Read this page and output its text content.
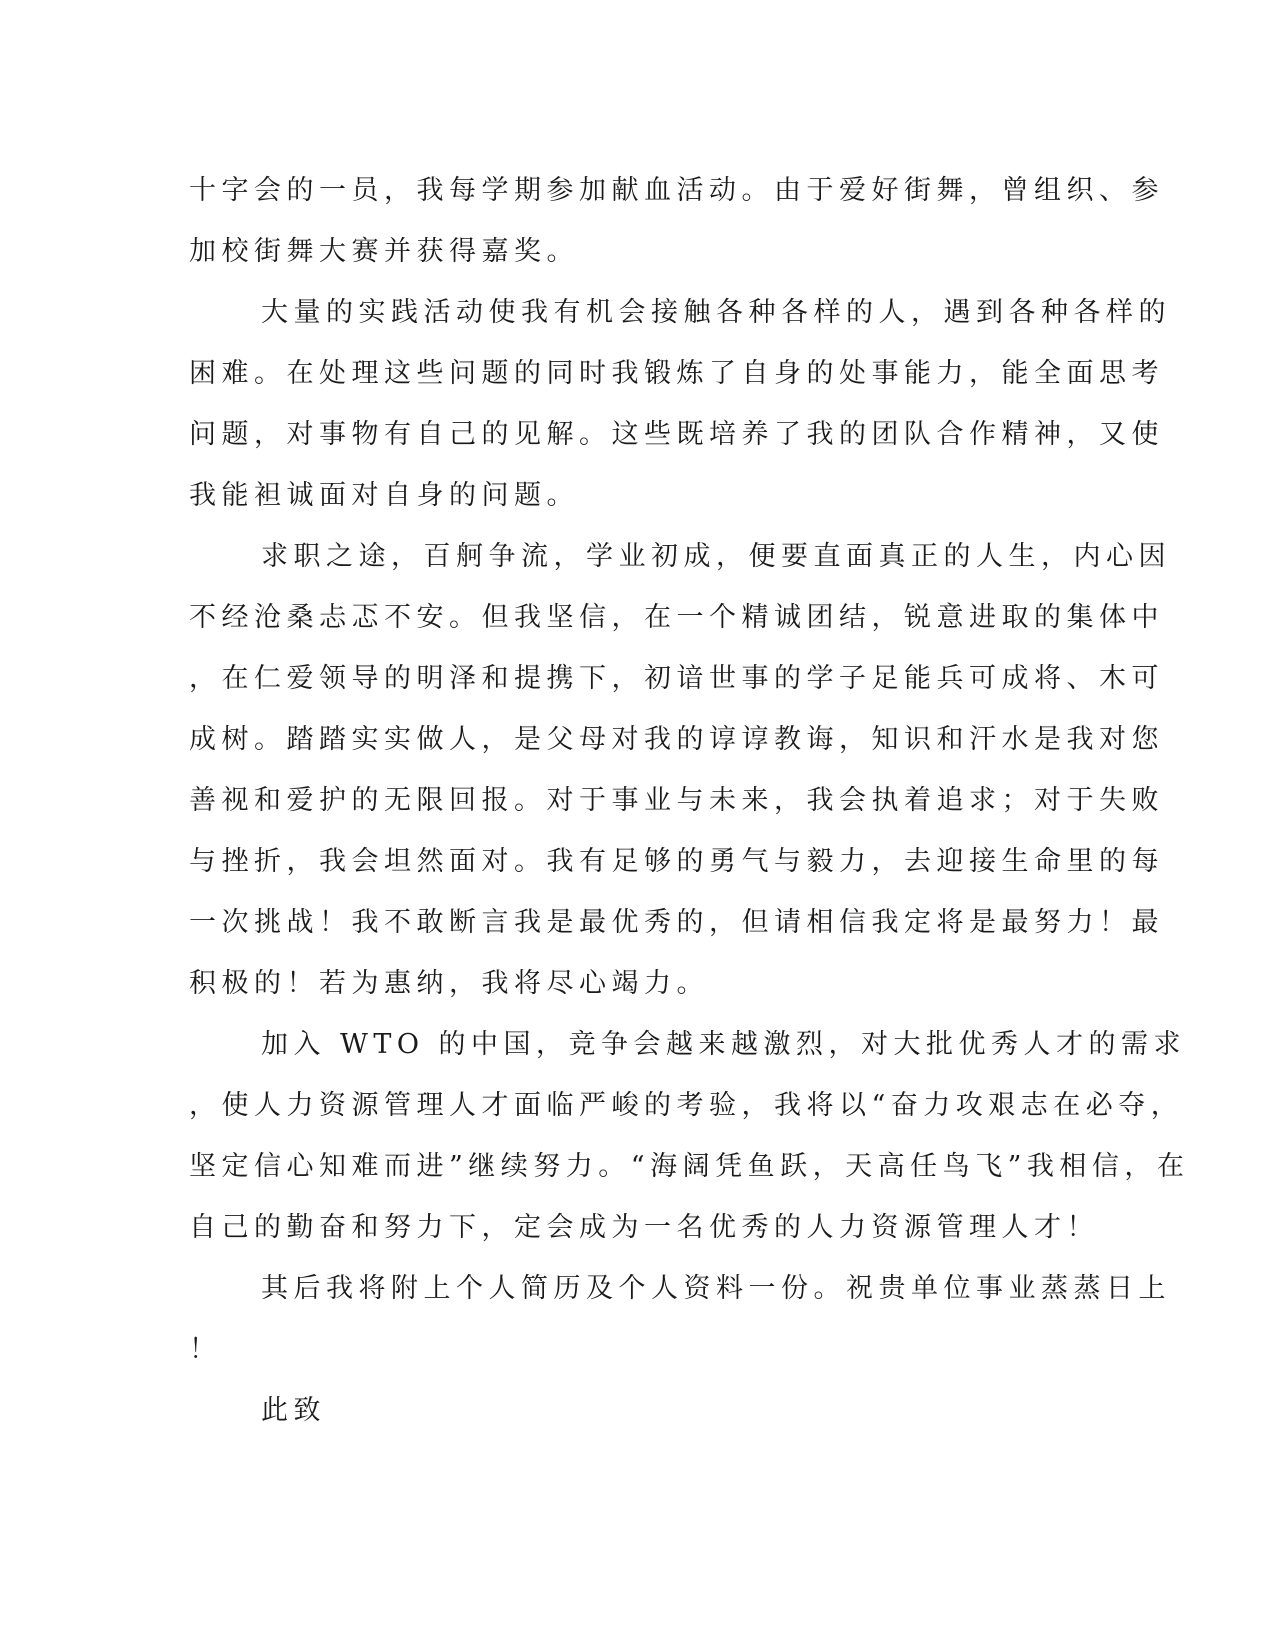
十字会的一员，我每学期参加献血活动。由于爱好街舞，曾组织、参
加校街舞大赛并获得嘉奖。
大量的实践活动使我有机会接触各种各样的人，遇到各种各样的
困难。在处理这些问题的同时我锻炼了自身的处事能力，能全面思考
问题，对事物有自己的见解。这些既培养了我的团队合作精神，又使
我能袒诚面对自身的问题。
求职之途，百舸争流，学业初成，便要直面真正的人生，内心因
不经沧桑忐忑不安。但我坚信，在一个精诚团结，锐意进取的集体中
，在仁爱领导的明泽和提携下，初谙世事的学子足能兵可成将、木可
成树。踏踏实实做人，是父母对我的谆谆教诲，知识和汗水是我对您
善视和爱护的无限回报。对于事业与未来，我会执着追求；对于失败
与挫折，我会坦然面对。我有足够的勇气与毅力，去迎接生命里的每
一次挑战！我不敢断言我是最优秀的，但请相信我定将是最努力！最
积极的！若为惠纳，我将尽心竭力。
加入 WTO 的中国，竞争会越来越激烈，对大批优秀人才的需求
，使人力资源管理人才面临严峻的考验，我将以“奋力攻艰志在必夺，
坚定信心知难而进”继续努力。“海阔凭鱼跃，天高任鸟飞”我相信，在
自己的勤奋和努力下，定会成为一名优秀的人力资源管理人才！
其后我将附上个人简历及个人资料一份。祝贵单位事业蒸蒸日上
！
此致
